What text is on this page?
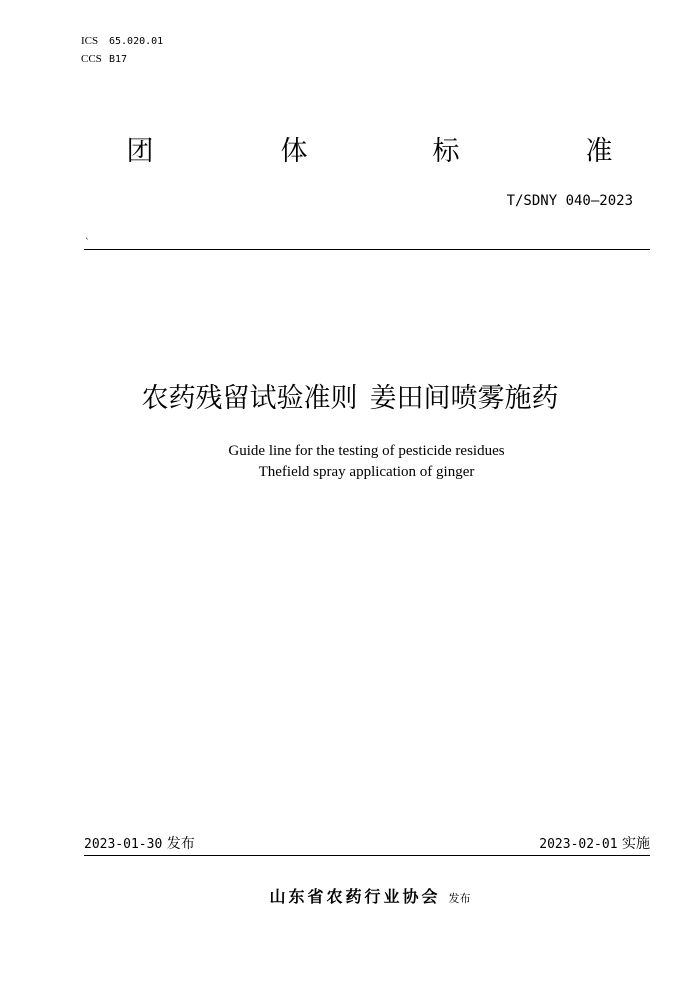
ICS 65.020.01
CCS B17
团	体	标	准
T/SDNY 040—2023
`
农药残留试验准则 姜田间喷雾施药
Guide line for the testing of pesticide residues
Thefield spray application of ginger
2023-01-30 发布	2023-02-01 实施
山东省农药行业协会 发布
